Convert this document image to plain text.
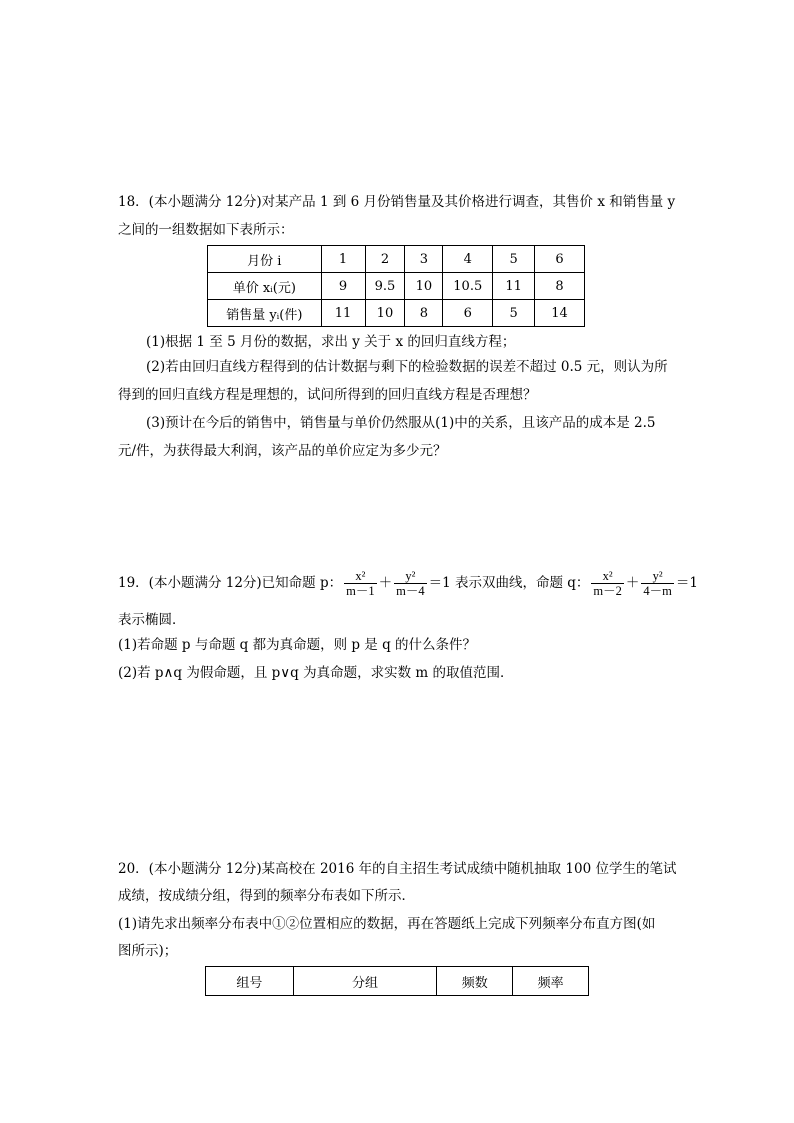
18．(本小题满分 12分)对某产品 1 到 6 月份销售量及其价格进行调查，其售价 x 和销售量 y
之间的一组数据如下表所示：
月份 i	1	2	3	4	5	6
单价 xᵢ(元)	9	9.5	10	10.5	11	8
销售量 yᵢ(件)	11	10	8	6	5	14
(1)根据 1 至 5 月份的数据，求出 y 关于 x 的回归直线方程；
(2)若由回归直线方程得到的估计数据与剩下的检验数据的误差不超过 0.5 元，则认为所
得到的回归直线方程是理想的，试问所得到的回归直线方程是否理想？
(3)预计在今后的销售中，销售量与单价仍然服从(1)中的关系，且该产品的成本是 2.5
元/件，为获得最大利润，该产品的单价应定为多少元？
19．(本小题满分 12分)已知命题 p： $\frac{\text{x²}}{m-1} + \frac{\text{y²}}{m-4} =1$ 表示双曲线，命题 q： $\frac{\text{x²}}{m-2} + \frac{\text{y²}}{4-m} =1$
表示椭圆．
(1)若命题 p 与命题 q 都为真命题，则 p 是 q 的什么条件？
(2)若 p∧q 为假命题，且 p∨q 为真命题，求实数 m 的取值范围．
20．(本小题满分 12分)某高校在 2016 年的自主招生考试成绩中随机抽取 100 位学生的笔试
成绩，按成绩分组，得到的频率分布表如下所示．
(1)请先求出频率分布表中①②位置相应的数据，再在答题纸上完成下列频率分布直方图(如
图所示)；
组号	分组	频数	频率
